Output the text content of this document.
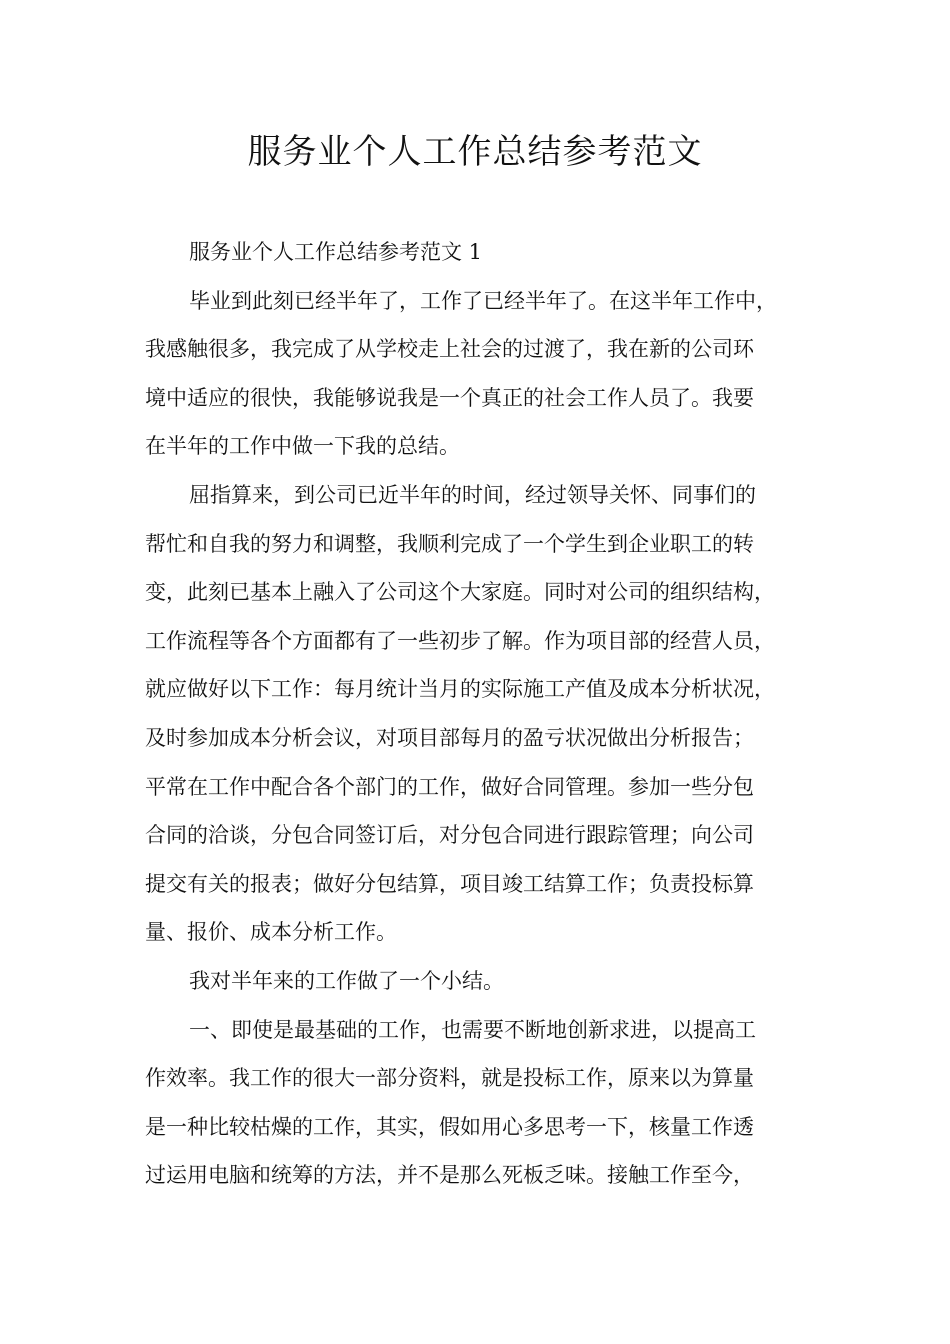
服务业个人工作总结参考范文
服务业个人工作总结参考范文 1
毕业到此刻已经半年了，工作了已经半年了。在这半年工作中，
我感触很多，我完成了从学校走上社会的过渡了，我在新的公司环
境中适应的很快，我能够说我是一个真正的社会工作人员了。我要
在半年的工作中做一下我的总结。
屈指算来，到公司已近半年的时间，经过领导关怀、同事们的
帮忙和自我的努力和调整，我顺利完成了一个学生到企业职工的转
变，此刻已基本上融入了公司这个大家庭。同时对公司的组织结构，
工作流程等各个方面都有了一些初步了解。作为项目部的经营人员，
就应做好以下工作：每月统计当月的实际施工产值及成本分析状况，
及时参加成本分析会议，对项目部每月的盈亏状况做出分析报告；
平常在工作中配合各个部门的工作，做好合同管理。参加一些分包
合同的洽谈，分包合同签订后，对分包合同进行跟踪管理；向公司
提交有关的报表；做好分包结算，项目竣工结算工作；负责投标算
量、报价、成本分析工作。
我对半年来的工作做了一个小结。
一、即使是最基础的工作，也需要不断地创新求进，以提高工
作效率。我工作的很大一部分资料，就是投标工作，原来以为算量
是一种比较枯燥的工作，其实，假如用心多思考一下，核量工作透
过运用电脑和统筹的方法，并不是那么死板乏味。接触工作至今，
